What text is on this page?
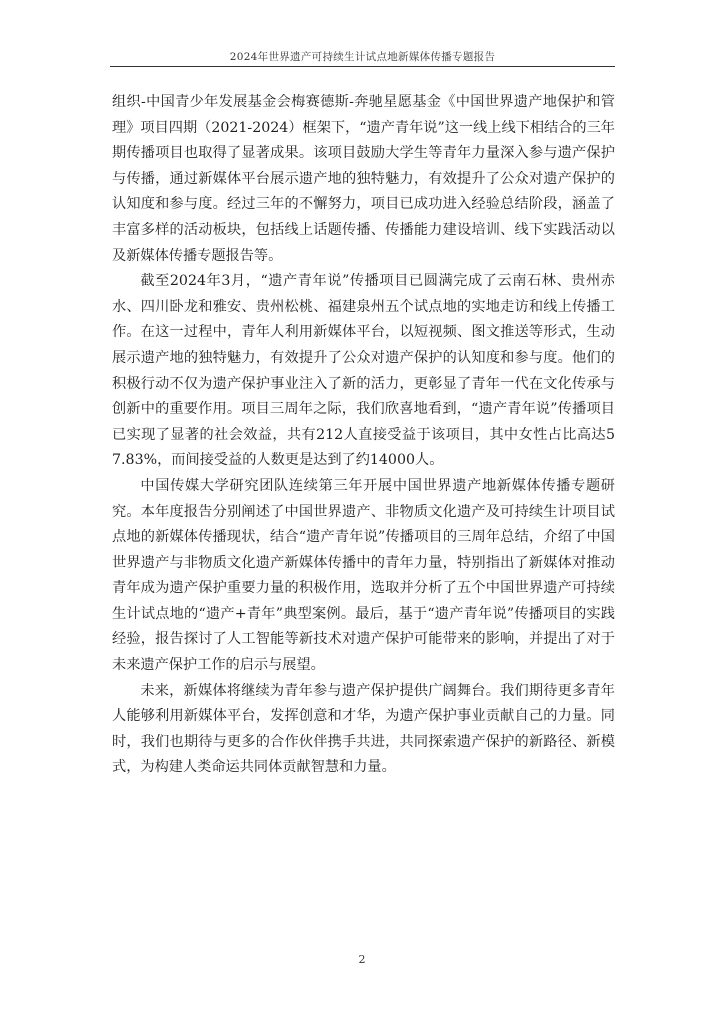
2024年世界遗产可持续生计试点地新媒体传播专题报告

组织-中国青少年发展基金会梅赛德斯-奔驰星愿基金《中国世界遗产地保护和管理》项目四期（2021-2024）框架下，“遗产青年说”这一线上线下相结合的三年期传播项目也取得了显著成果。该项目鼓励大学生等青年力量深入参与遗产保护与传播，通过新媒体平台展示遗产地的独特魅力，有效提升了公众对遗产保护的认知度和参与度。经过三年的不懈努力，项目已成功进入经验总结阶段，涵盖了丰富多样的活动板块，包括线上话题传播、传播能力建设培训、线下实践活动以及新媒体传播专题报告等。

截至2024年3月，“遗产青年说”传播项目已圆满完成了云南石林、贵州赤水、四川卧龙和雅安、贵州松桃、福建泉州五个试点地的实地走访和线上传播工作。在这一过程中，青年人利用新媒体平台，以短视频、图文推送等形式，生动展示遗产地的独特魅力，有效提升了公众对遗产保护的认知度和参与度。他们的积极行动不仅为遗产保护事业注入了新的活力，更彰显了青年一代在文化传承与创新中的重要作用。项目三周年之际，我们欣喜地看到，“遗产青年说”传播项目已实现了显著的社会效益，共有212人直接受益于该项目，其中女性占比高达57.83%，而间接受益的人数更是达到了约14000人。

中国传媒大学研究团队连续第三年开展中国世界遗产地新媒体传播专题研究。本年度报告分别阐述了中国世界遗产、非物质文化遗产及可持续生计项目试点地的新媒体传播现状，结合“遗产青年说”传播项目的三周年总结，介绍了中国世界遗产与非物质文化遗产新媒体传播中的青年力量，特别指出了新媒体对推动青年成为遗产保护重要力量的积极作用，选取并分析了五个中国世界遗产可持续生计试点地的“遗产+青年”典型案例。最后，基于“遗产青年说”传播项目的实践经验，报告探讨了人工智能等新技术对遗产保护可能带来的影响，并提出了对于未来遗产保护工作的启示与展望。

未来，新媒体将继续为青年参与遗产保护提供广阔舞台。我们期待更多青年人能够利用新媒体平台，发挥创意和才华，为遗产保护事业贡献自己的力量。同时，我们也期待与更多的合作伙伴携手共进，共同探索遗产保护的新路径、新模式，为构建人类命运共同体贡献智慧和力量。

2
